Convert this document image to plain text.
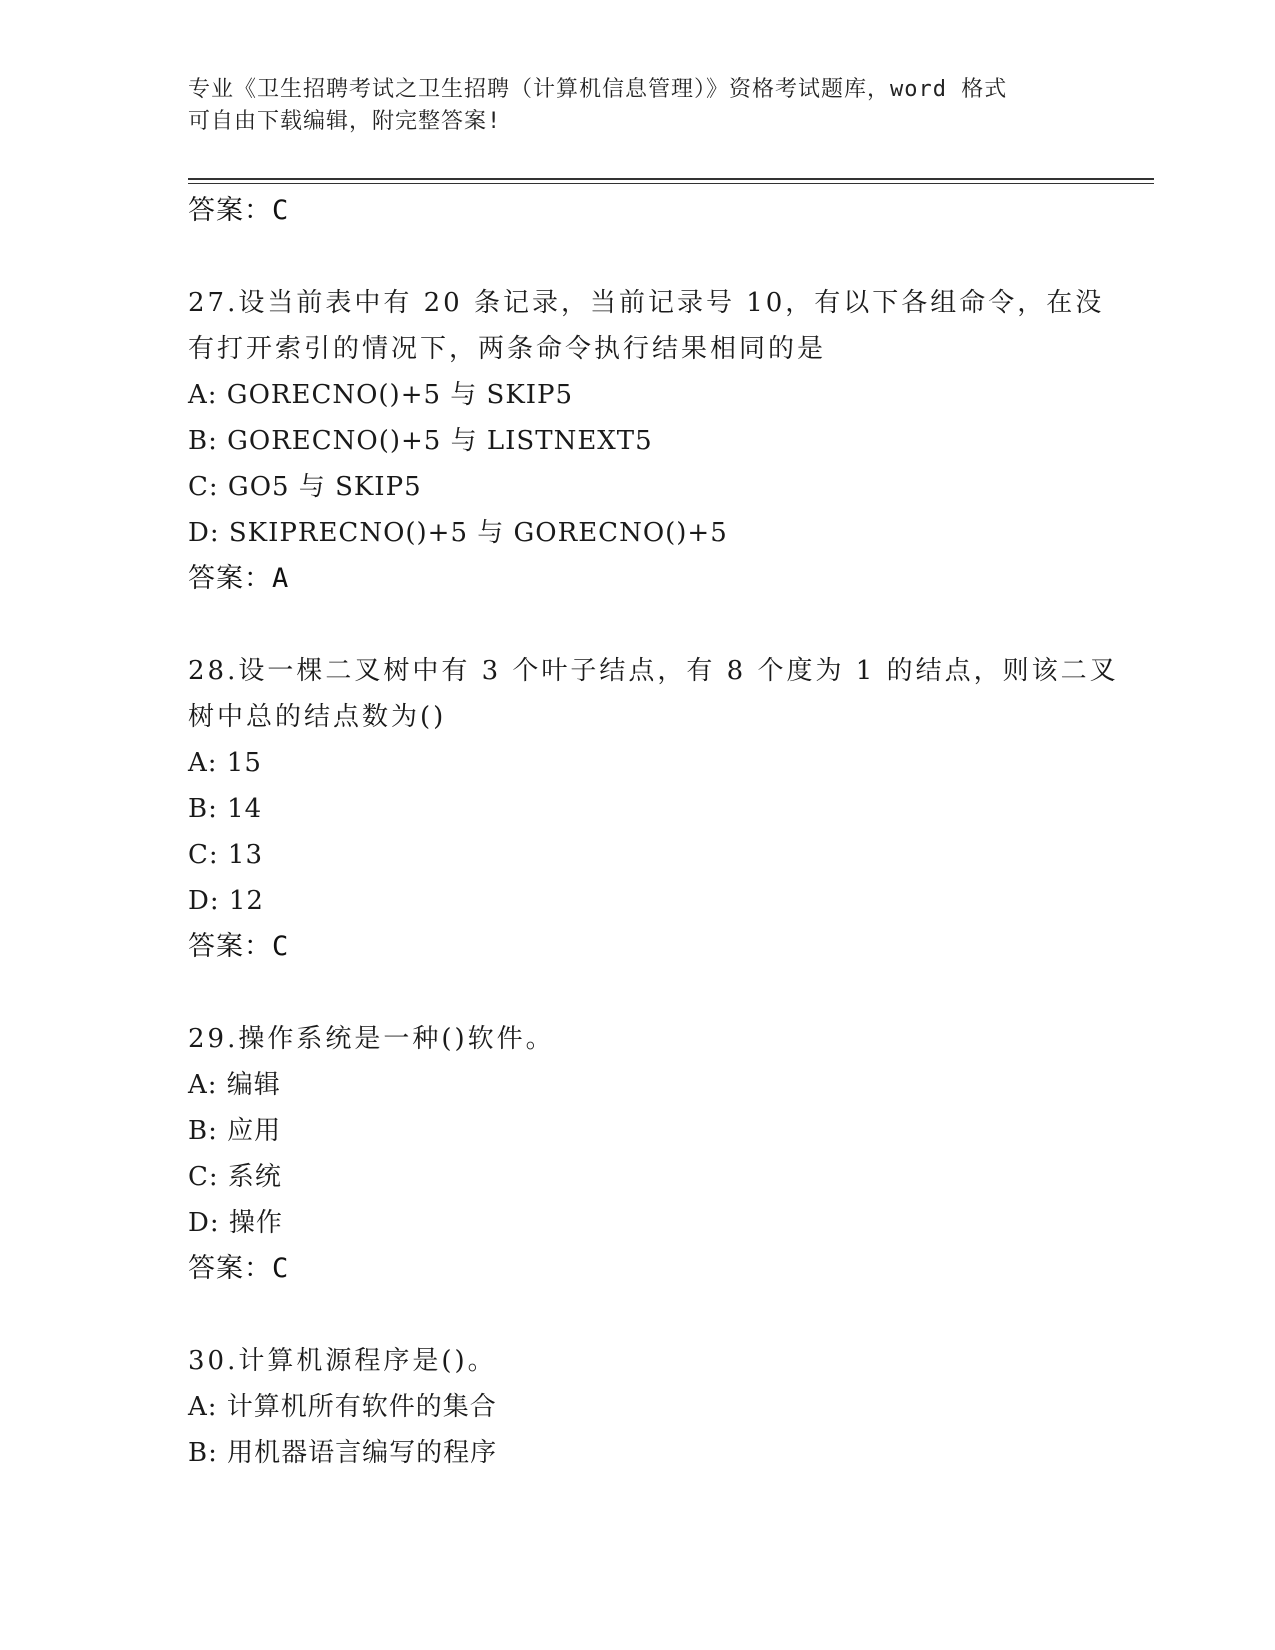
专业《卫生招聘考试之卫生招聘（计算机信息管理）》资格考试题库，word 格式
可自由下载编辑，附完整答案!
答案：C
27.设当前表中有 20 条记录，当前记录号 10，有以下各组命令，在没
有打开索引的情况下，两条命令执行结果相同的是
A: GORECNO()+5 与 SKIP5
B: GORECNO()+5 与 LISTNEXT5
C: GO5 与 SKIP5
D: SKIPRECNO()+5 与 GORECNO()+5
答案：A
28.设一棵二叉树中有 3 个叶子结点，有 8 个度为 1 的结点，则该二叉
树中总的结点数为()
A: 15
B: 14
C: 13
D: 12
答案：C
29.操作系统是一种()软件。
A: 编辑
B: 应用
C: 系统
D: 操作
答案：C
30.计算机源程序是()。
A: 计算机所有软件的集合
B: 用机器语言编写的程序
